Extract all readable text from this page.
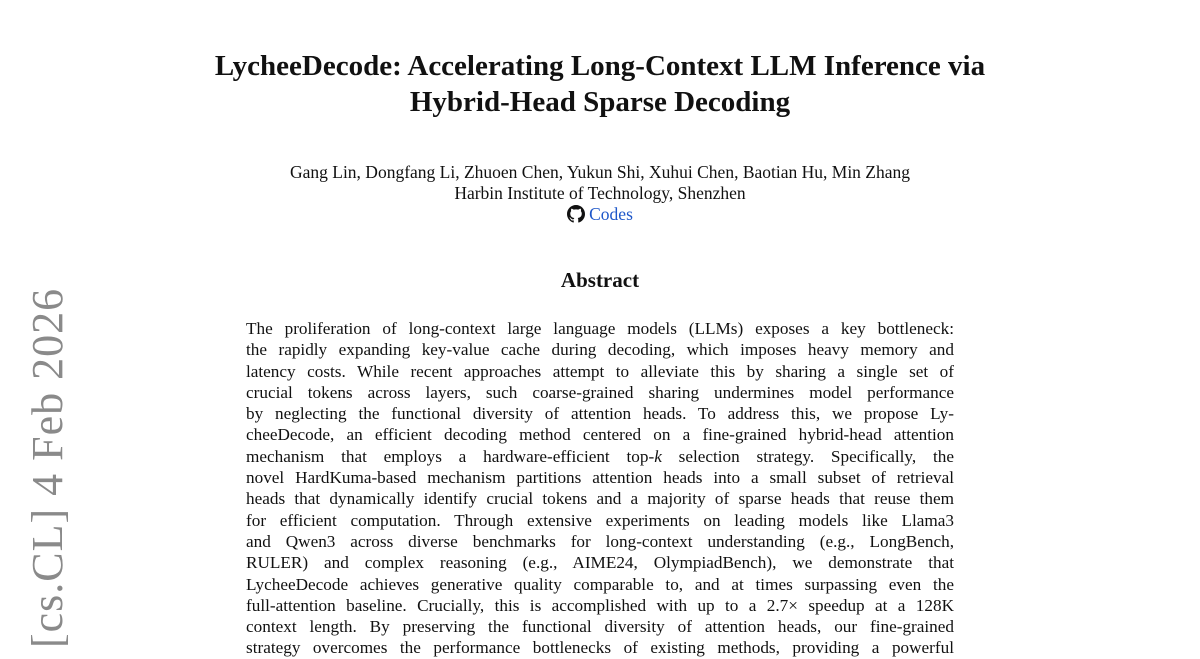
LycheeDecode: Accelerating Long-Context LLM Inference via
Hybrid-Head Sparse Decoding
Gang Lin, Dongfang Li, Zhuoen Chen, Yukun Shi, Xuhui Chen, Baotian Hu, Min Zhang
Harbin Institute of Technology, Shenzhen
Codes
Abstract
The proliferation of long-context large language models (LLMs) exposes a key bottleneck:
the rapidly expanding key-value cache during decoding, which imposes heavy memory and
latency costs. While recent approaches attempt to alleviate this by sharing a single set of
crucial tokens across layers, such coarse-grained sharing undermines model performance
by neglecting the functional diversity of attention heads. To address this, we propose Ly-
cheeDecode, an efficient decoding method centered on a fine-grained hybrid-head attention
mechanism that employs a hardware-efficient top-k selection strategy. Specifically, the
novel HardKuma-based mechanism partitions attention heads into a small subset of retrieval
heads that dynamically identify crucial tokens and a majority of sparse heads that reuse them
for efficient computation. Through extensive experiments on leading models like Llama3
and Qwen3 across diverse benchmarks for long-context understanding (e.g., LongBench,
RULER) and complex reasoning (e.g., AIME24, OlympiadBench), we demonstrate that
LycheeDecode achieves generative quality comparable to, and at times surpassing even the
full-attention baseline. Crucially, this is accomplished with up to a 2.7× speedup at a 128K
context length. By preserving the functional diversity of attention heads, our fine-grained
strategy overcomes the performance bottlenecks of existing methods, providing a powerful
[cs.CL] 4 Feb 2026
